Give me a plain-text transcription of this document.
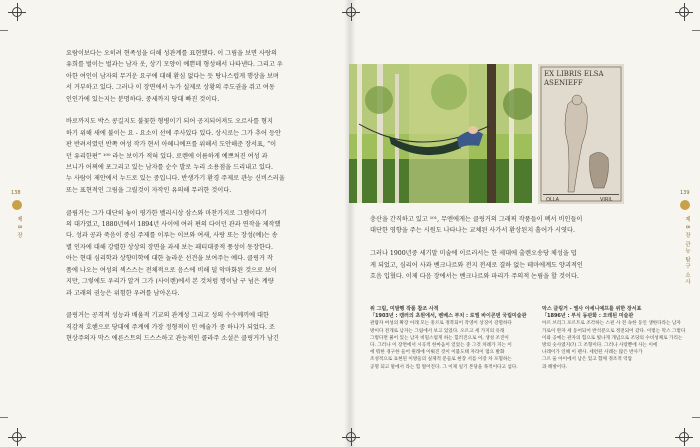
138
제 8 장
139
제 8 장 관능 탐구 소사

요람이보다는 오히려 현족성을 더해 성관계를 표현했다. 이 그림을 보면 사랑의
유희를 벌이는 벌과는 남자 옷, 상기 모양이 예쁜데 형성해서 나타낸다. 그리고 우
아한 여인이 남자의 무거운 요구에 대해 환심 없다는 듯 탕나스럽게 행상을 보며
서 거부하고 있다. 그러나 이 장면에서 누가 실제로 상황의 주도권을 쥐고 여동
인인가에 있는지는 분명하다. 중세까지 당대 빠진 것이다.

바로까지도 박스 콩길지도 불꽃한 형병이기 되어 공지되어져도 오르사를 형지
하기 위해 새에 불이는 요 - 요소이 선에 주사있다 있다. 상시로는 그가 추어 등안
판 반려서였던 반쪽 여성 작가 현서 아헤니예프를 위해서 도안해준 장서표, “이
던 유리한편” ¹⁰⁰ 라는 보이가 적혀 있다. 로렌에 이름하게 예쁘처진 여성 과
브니가 어쩌에 포그리고 있는 남자를 순수 발로 누리 소용점을 드리내고 있다.
누 사람이 제안에서 누드로 있는 중입니다. 반생가기 환경 주제로 관능 신비스러울
또는 표현적인 그림을 그릴것이 자작인 유의해 무러한 것이다.

클림거는 그가 대단히 놓이 평가한 벨리시상 삼스와 마찬가지로 그렘이다기
의 대가였고, 1880년에서 1894년 사이에 여러 편의 다이던 관과 연작을 제작했
다. 성과 공과 죽음이 중심 주제를 이루는 이브와 여새, 사랑 또는 장성(예)는 송
별 인자에 대해 강렬한 상상의 장면을 과세 보는 패티대중적 풍성이 동장한다.
아는 현대 심리학과 상향미학에 대한 놀라운 선견을 보여주는 예다. 클링거 작
품에 나오는 여성의 섹스스는 전체적으로 음스에 비해 덜 악마화된 것으로 보이
지만, 그렇에도 우리가 알겨 그가 (사이렌)에서 본 것처럼 명이남 구 넘은 계량
과 고래의 권능은 위험한 우려를 남아온다.

클링거는 공격적 성능과 배움적 기교의 관계성 그리고 성의 수수께끼에 대한
직감적 호핸으로 당대에 주계에 가장 정형적이 인 예술가 중 하나가 되었다. 조
현상주의자 막스 에른스트의 드스스하고 관능적인 콜라주 소설은 클링거가 남긴

EX LIBRIS ELSA
ASENIEFF
OLLA	VIRIL

충산을 간직하고 있고 ¹⁰¹, 무엔에게는 클링거의 그래픽 작품들이 펙서 비인들이
대단한 영향을 주는 시원도 나타나는 교체된 사가서 환상된지 흘어가 시엿다.

그러나 1900년중 세기말 미술에 이르러서는 한 세대에 출렌오송당 체성을 덥
게 되었고, 심리어 사과 벤크나르와 전지 전세로 결하 없는 테마에계도 양괴적인
흐음 입혔다. 이제 다음 장에서는 벤크나르와 파리가 주의적 논림을 할 것이다.

위 그림, 미발행 작품 참조 사적
「1903년 : 캠러의 초원에서, 벤베스 부치 : 로엘 바이콘덴 국립미술관
관람자 여성의 확장 아래 모는 흥르로 정복되어 작영이 상징이 강렬하다
방이다 전개로 남자는 그림에서 보고 있었다. 오르고 세 가지의 유래
그렇다면 붉어 있는 남자 비밀스럽게 하는 힐러진으로 여, 생성 조진이
다. 그러나 이 장면에서 시곡적 한마음이 얻었는 중 그것 차례가 지는 이
에 뭐한 경구한 들어 원래에 이뤄진 것이 이불도태 자라이 멈으 발화
조성적으로 표현된 이방들의 실제적 문들로 현장 서를 이장 차 포혐하는
공명 되고 말에서 라는 힘 떨어진다. 그 이제 일기 본당을 목적이다고 섬다.
막스 클링거 - 엘사 아세니예프를 위한 장서표
「1896년 : 부식 동판화 : 오래된 미술관
아르 브리그 포르트로 조각하는 스핀 사 전 속한 동인 생한다라는 남자
가로이 완자 세 동어되어 반석분으로 정전되어 갔다. 이렇는 막스 그렇다
이와 공예는 관자의 힘으로 빛나게 개념으로 조당의 수비성체로 가리는
방의 숫사였지(?) 그 조형이다. 그러나 사랑뿐에 사는 이에
나레이가 인해 이 펜사. 세련된 사례는 많은 반사가
그르 둘 아이에서 남은 있고 함께 정조적 억압
과 해방이다.
